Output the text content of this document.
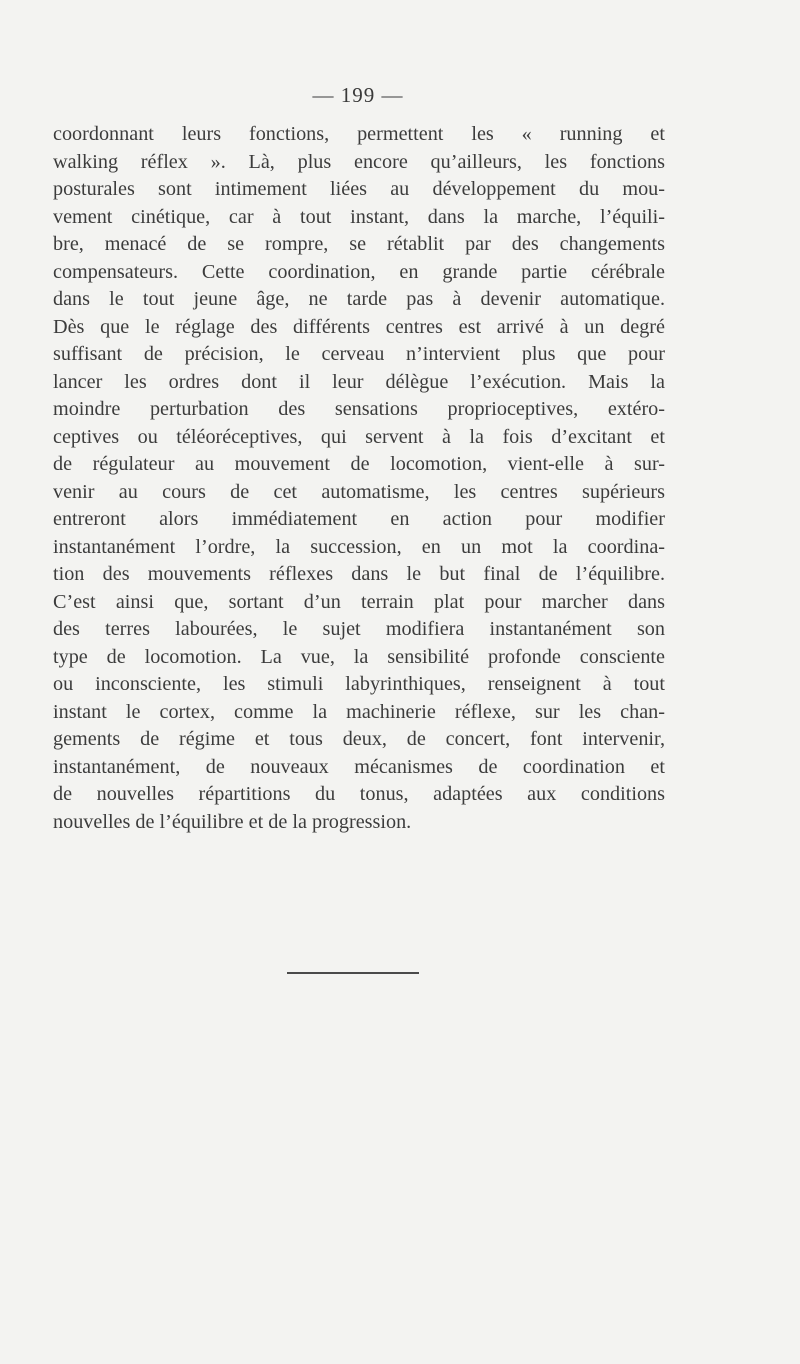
— 199 —

coordonnant leurs fonctions, permettent les « running et
walking réflex ». Là, plus encore qu’ailleurs, les fonctions
posturales sont intimement liées au développement du mou-
vement cinétique, car à tout instant, dans la marche, l’équili-
bre, menacé de se rompre, se rétablit par des changements
compensateurs. Cette coordination, en grande partie cérébrale
dans le tout jeune âge, ne tarde pas à devenir automatique.
Dès que le réglage des différents centres est arrivé à un degré
suffisant de précision, le cerveau n’intervient plus que pour
lancer les ordres dont il leur délègue l’exécution. Mais la
moindre perturbation des sensations proprioceptives, extéro-
ceptives ou téléoréceptives, qui servent à la fois d’excitant et
de régulateur au mouvement de locomotion, vient-elle à sur-
venir au cours de cet automatisme, les centres supérieurs
entreront alors immédiatement en action pour modifier
instantanément l’ordre, la succession, en un mot la coordina-
tion des mouvements réflexes dans le but final de l’équilibre.
C’est ainsi que, sortant d’un terrain plat pour marcher dans
des terres labourées, le sujet modifiera instantanément son
type de locomotion. La vue, la sensibilité profonde consciente
ou inconsciente, les stimuli labyrinthiques, renseignent à tout
instant le cortex, comme la machinerie réflexe, sur les chan-
gements de régime et tous deux, de concert, font intervenir,
instantanément, de nouveaux mécanismes de coordination et
de nouvelles répartitions du tonus, adaptées aux conditions
nouvelles de l’équilibre et de la progression.
